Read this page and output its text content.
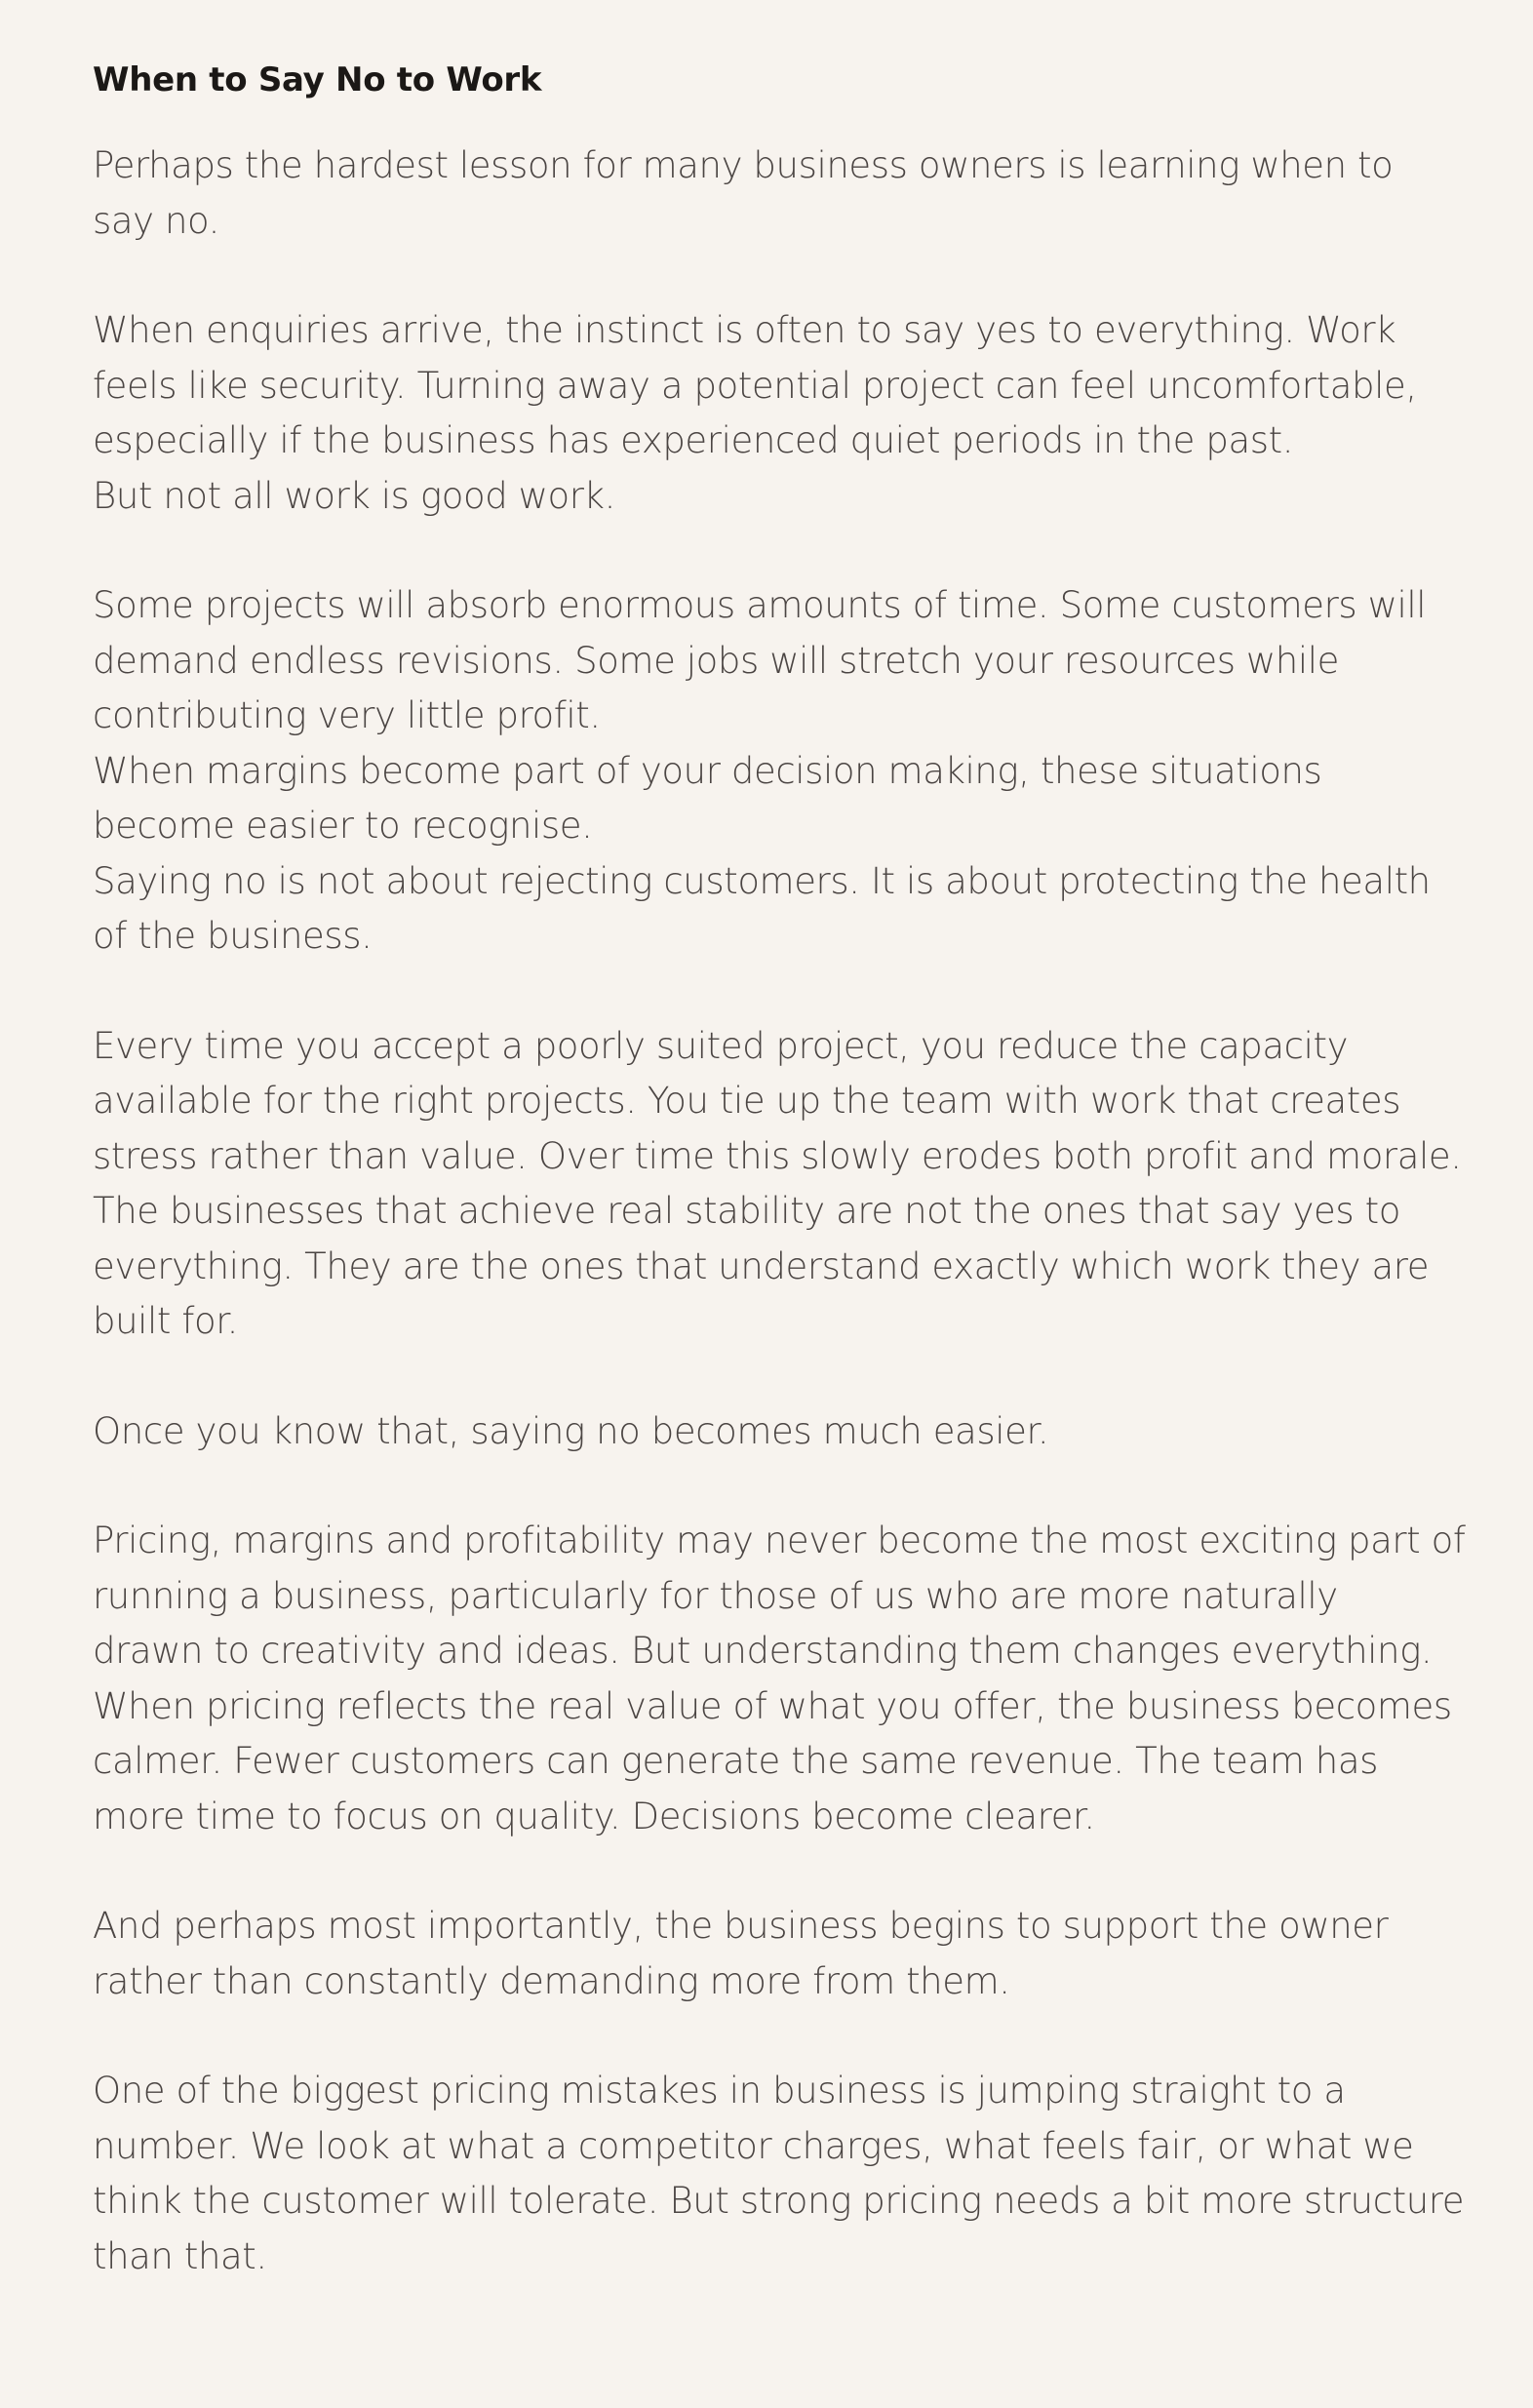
When to Say No to Work

Perhaps the hardest lesson for many business owners is learning when to
say no.

When enquiries arrive, the instinct is often to say yes to everything. Work
feels like security. Turning away a potential project can feel uncomfortable,
especially if the business has experienced quiet periods in the past.
But not all work is good work.

Some projects will absorb enormous amounts of time. Some customers will
demand endless revisions. Some jobs will stretch your resources while
contributing very little profit.
When margins become part of your decision making, these situations
become easier to recognise.
Saying no is not about rejecting customers. It is about protecting the health
of the business.

Every time you accept a poorly suited project, you reduce the capacity
available for the right projects. You tie up the team with work that creates
stress rather than value. Over time this slowly erodes both profit and morale.
The businesses that achieve real stability are not the ones that say yes to
everything. They are the ones that understand exactly which work they are
built for.

Once you know that, saying no becomes much easier.

Pricing, margins and profitability may never become the most exciting part of
running a business, particularly for those of us who are more naturally
drawn to creativity and ideas. But understanding them changes everything.
When pricing reflects the real value of what you offer, the business becomes
calmer. Fewer customers can generate the same revenue. The team has
more time to focus on quality. Decisions become clearer.

And perhaps most importantly, the business begins to support the owner
rather than constantly demanding more from them.

One of the biggest pricing mistakes in business is jumping straight to a
number. We look at what a competitor charges, what feels fair, or what we
think the customer will tolerate. But strong pricing needs a bit more structure
than that.
